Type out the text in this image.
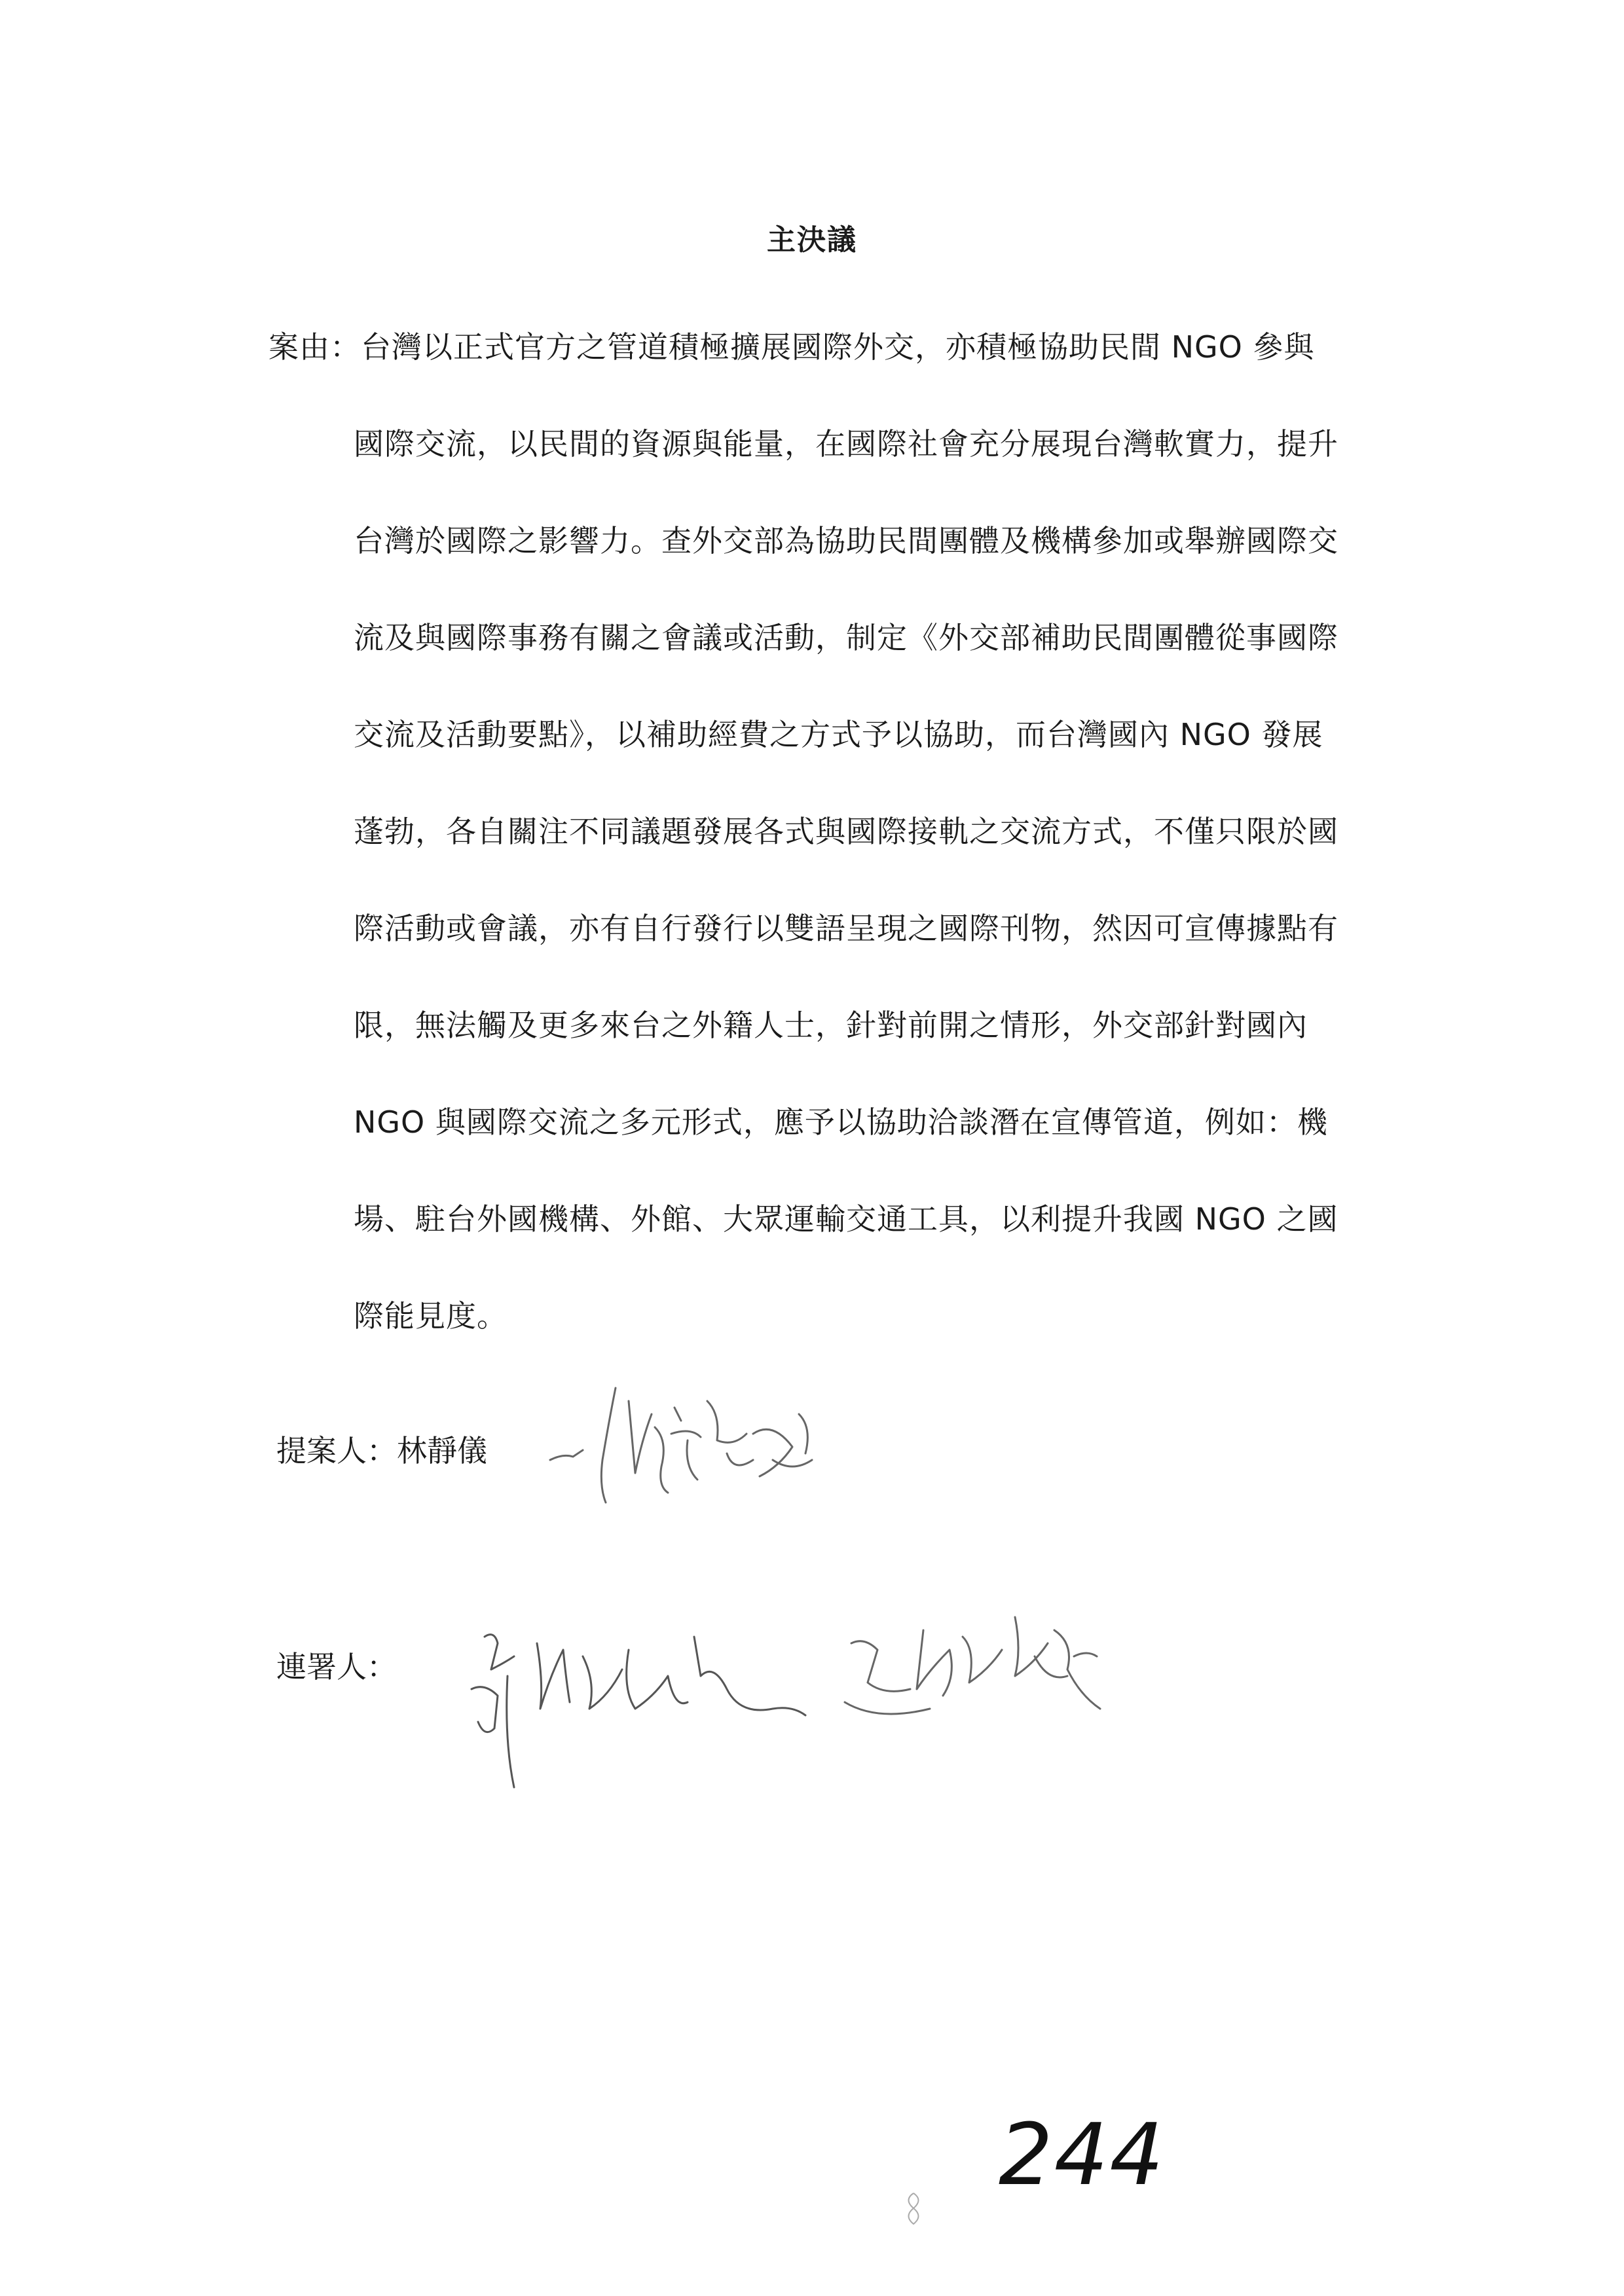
主決議
案由：台灣以正式官方之管道積極擴展國際外交，亦積極協助民間 NGO 參與
國際交流，以民間的資源與能量，在國際社會充分展現台灣軟實力，提升
台灣於國際之影響力。查外交部為協助民間團體及機構參加或舉辦國際交
流及與國際事務有關之會議或活動，制定《外交部補助民間團體從事國際
交流及活動要點》，以補助經費之方式予以協助，而台灣國內 NGO 發展
蓬勃，各自關注不同議題發展各式與國際接軌之交流方式，不僅只限於國
際活動或會議，亦有自行發行以雙語呈現之國際刊物，然因可宣傳據點有
限，無法觸及更多來台之外籍人士，針對前開之情形，外交部針對國內
NGO 與國際交流之多元形式，應予以協助洽談潛在宣傳管道，例如：機
場、駐台外國機構、外館、大眾運輸交通工具，以利提升我國 NGO 之國
際能見度。
提案人：林靜儀
連署人：
244
